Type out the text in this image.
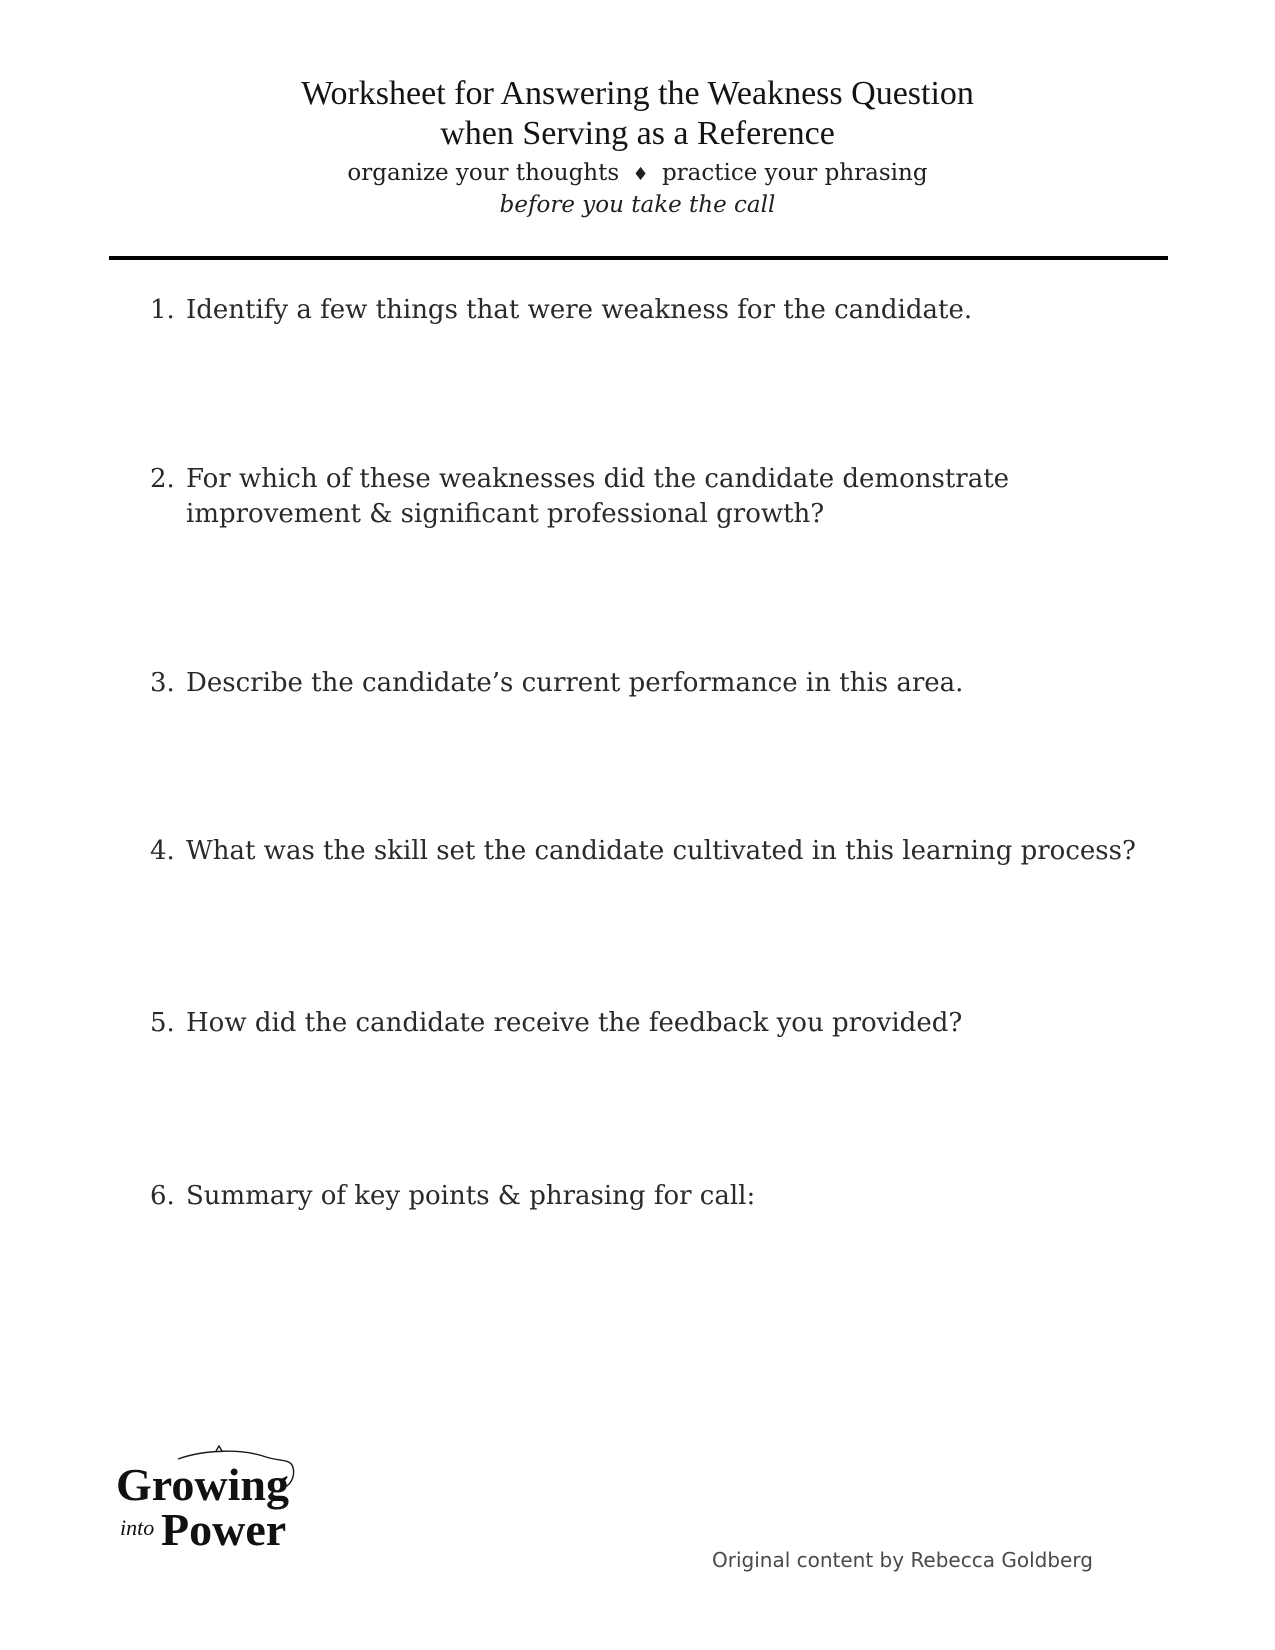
Worksheet for Answering the Weakness Question
when Serving as a Reference
organize your thoughts ♦ practice your phrasing
before you take the call
1. Identify a few things that were weakness for the candidate.
2. For which of these weaknesses did the candidate demonstrate
improvement & significant professional growth?
3. Describe the candidate’s current performance in this area.
4. What was the skill set the candidate cultivated in this learning process?
5. How did the candidate receive the feedback you provided?
6. Summary of key points & phrasing for call:
Growing
into Power
Original content by Rebecca Goldberg
